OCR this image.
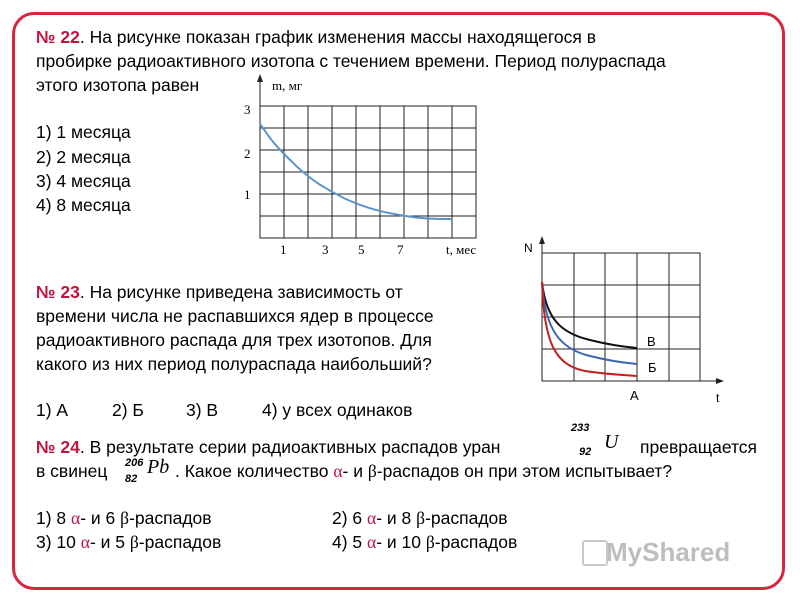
№ 22. На рисунке показан график изменения массы находящегося в
пробирке радиоактивного изотопа с течением времени. Период полураспада
этого изотопа равен
1) 1 месяца
2) 2 месяца
3) 4 месяца
4) 8 месяца
m, мг
3
2
1
1	3 5	7	t, мес
№ 23. На рисунке приведена зависимость от
времени числа не распавшихся ядер в процессе
радиоактивного распада для трех изотопов. Для
какого из них период полураспада наибольший?
1) А	2) Б 3) В	4) у всех одинаков
N
t
В
Б
А
№ 24. В результате серии радиоактивных распадов уран
233
92 U превращается
в свинец 206
82
Pb . Какое количество α- и β-распадов он при этом испытывает?
1) 8 α- и 6 β-распадов	2) 6 α- и 8 β-распадов
3) 10 α- и 5 β-распадов	4) 5 α- и 10 β-распадов	MyShared
